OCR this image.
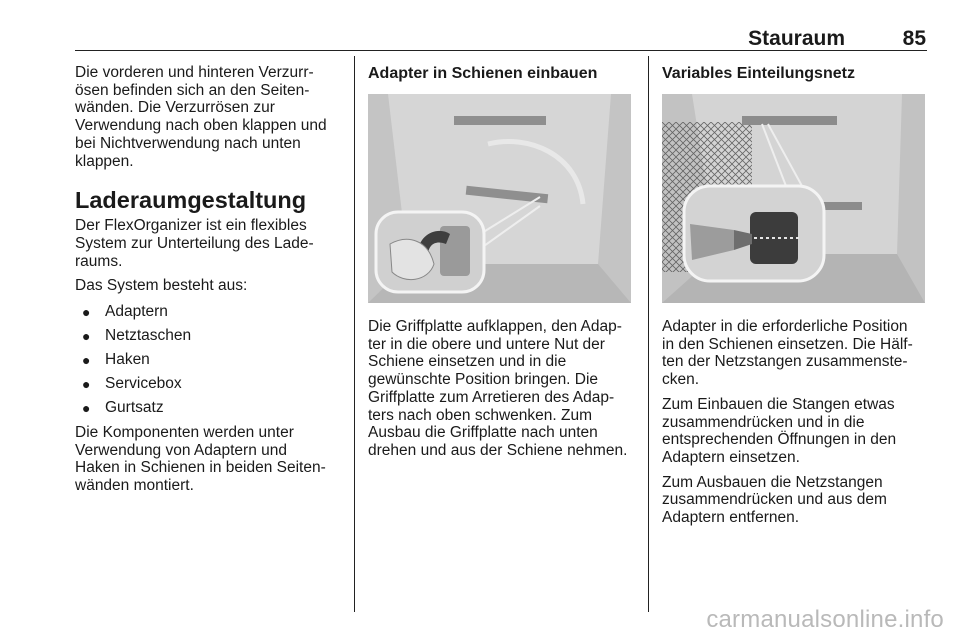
Stauraum	85

Die vorderen und hinteren Verzurr-
ösen befinden sich an den Seiten-
wänden. Die Verzurrösen zur
Verwendung nach oben klappen und
bei Nichtverwendung nach unten
klappen.

Laderaumgestaltung

Der FlexOrganizer ist ein flexibles
System zur Unterteilung des Lade-
raums.

Das System besteht aus:

● Adaptern
● Netztaschen
● Haken
● Servicebox
● Gurtsatz

Die Komponenten werden unter
Verwendung von Adaptern und
Haken in Schienen in beiden Seiten-
wänden montiert.

Adapter in Schienen einbauen

Die Griffplatte aufklappen, den Adap-
ter in die obere und untere Nut der
Schiene einsetzen und in die
gewünschte Position bringen. Die
Griffplatte zum Arretieren des Adap-
ters nach oben schwenken. Zum
Ausbau die Griffplatte nach unten
drehen und aus der Schiene nehmen.

Variables Einteilungsnetz

Adapter in die erforderliche Position
in den Schienen einsetzen. Die Hälf-
ten der Netzstangen zusammenste-
cken.

Zum Einbauen die Stangen etwas
zusammendrücken und in die
entsprechenden Öffnungen in den
Adaptern einsetzen.

Zum Ausbauen die Netzstangen
zusammendrücken und aus dem
Adaptern entfernen.

carmanualsonline.info
